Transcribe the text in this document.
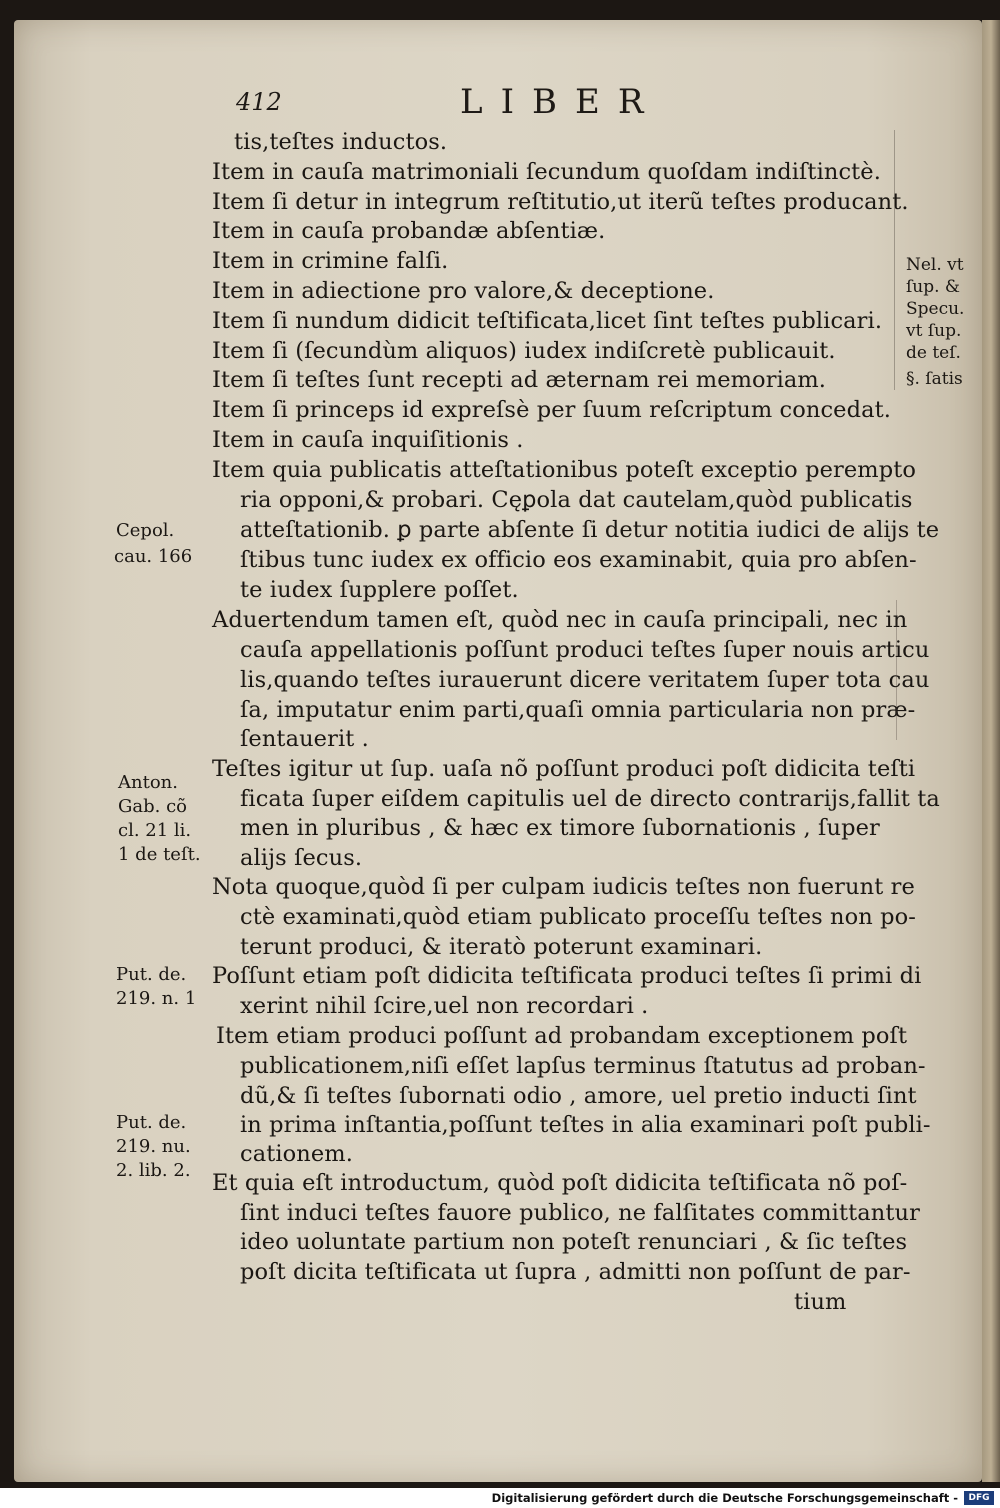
412	LIBER
tis,teſtes inductos.
Item in cauſa matrimoniali ſecundum quoſdam indiſtinctè.
Item ſi detur in integrum reſtitutio,ut iterũ teſtes producant.
Item in cauſa probandæ abſentiæ.
Item in crimine falſi.
Item in adiectione pro valore,& deceptione.
Item ſi nundum didicit teſtificata,licet ſint teſtes publicari.
Item ſi (ſecundùm aliquos) iudex indiſcretè publicauit.
Item ſi teſtes ſunt recepti ad æternam rei memoriam.
Item ſi princeps id expreſsè per ſuum reſcriptum concedat.
Item in cauſa inquiſitionis .
Item quia publicatis atteſtationibus poteſt exceptio perempto
ria opponi,& probari. Cęꝑola dat cautelam,quòd publicatis
atteſtationib. ꝑ parte abſente ſi detur notitia iudici de alijs te
ſtibus tunc iudex ex officio eos examinabit, quia pro abſen-
te iudex ſupplere poſſet.
Aduertendum tamen eſt, quòd nec in cauſa principali, nec in
cauſa appellationis poſſunt produci teſtes ſuper nouis articu
lis,quando teſtes iurauerunt dicere veritatem ſuper tota cau
ſa, imputatur enim parti,quaſi omnia particularia non præ-
ſentauerit .
Teſtes igitur ut ſup. uaſa nõ poſſunt produci poſt didicita teſti
ficata ſuper eiſdem capitulis uel de directo contrarijs,fallit ta
men in pluribus , & hæc ex timore ſubornationis , ſuper
alijs ſecus.
Nota quoque,quòd ſi per culpam iudicis teſtes non fuerunt re
ctè examinati,quòd etiam publicato proceſſu teſtes non po-
terunt produci, & iteratò poterunt examinari.
Poſſunt etiam poſt didicita teſtificata produci teſtes ſi primi di
xerint nihil ſcire,uel non recordari .
Item etiam produci poſſunt ad probandam exceptionem poſt
publicationem,niſi eſſet lapſus terminus ſtatutus ad proban-
dũ,& ſi teſtes ſubornati odio , amore, uel pretio inducti ſint
in prima inſtantia,poſſunt teſtes in alia examinari poſt publi-
cationem.
Et quia eſt introductum, quòd poſt didicita teſtificata nõ poſ-
ſint induci teſtes fauore publico, ne falſitates committantur
ideo uoluntate partium non poteſt renunciari , & ſic teſtes
poſt dicita teſtificata ut ſupra , admitti non poſſunt de par-
tium
Cepol.
cau. 166
Anton.
Gab. cõ
cl. 21 li.
1 de teſt.
Put. de.
219. n. 1
Put. de.
219. nu.
2. lib. 2.
Nel. vt
ſup. &
Specu.
vt ſup.
de teſ.
§. ſatis
Digitalisierung gefördert durch die Deutsche Forschungsgemeinschaft -	DFG
